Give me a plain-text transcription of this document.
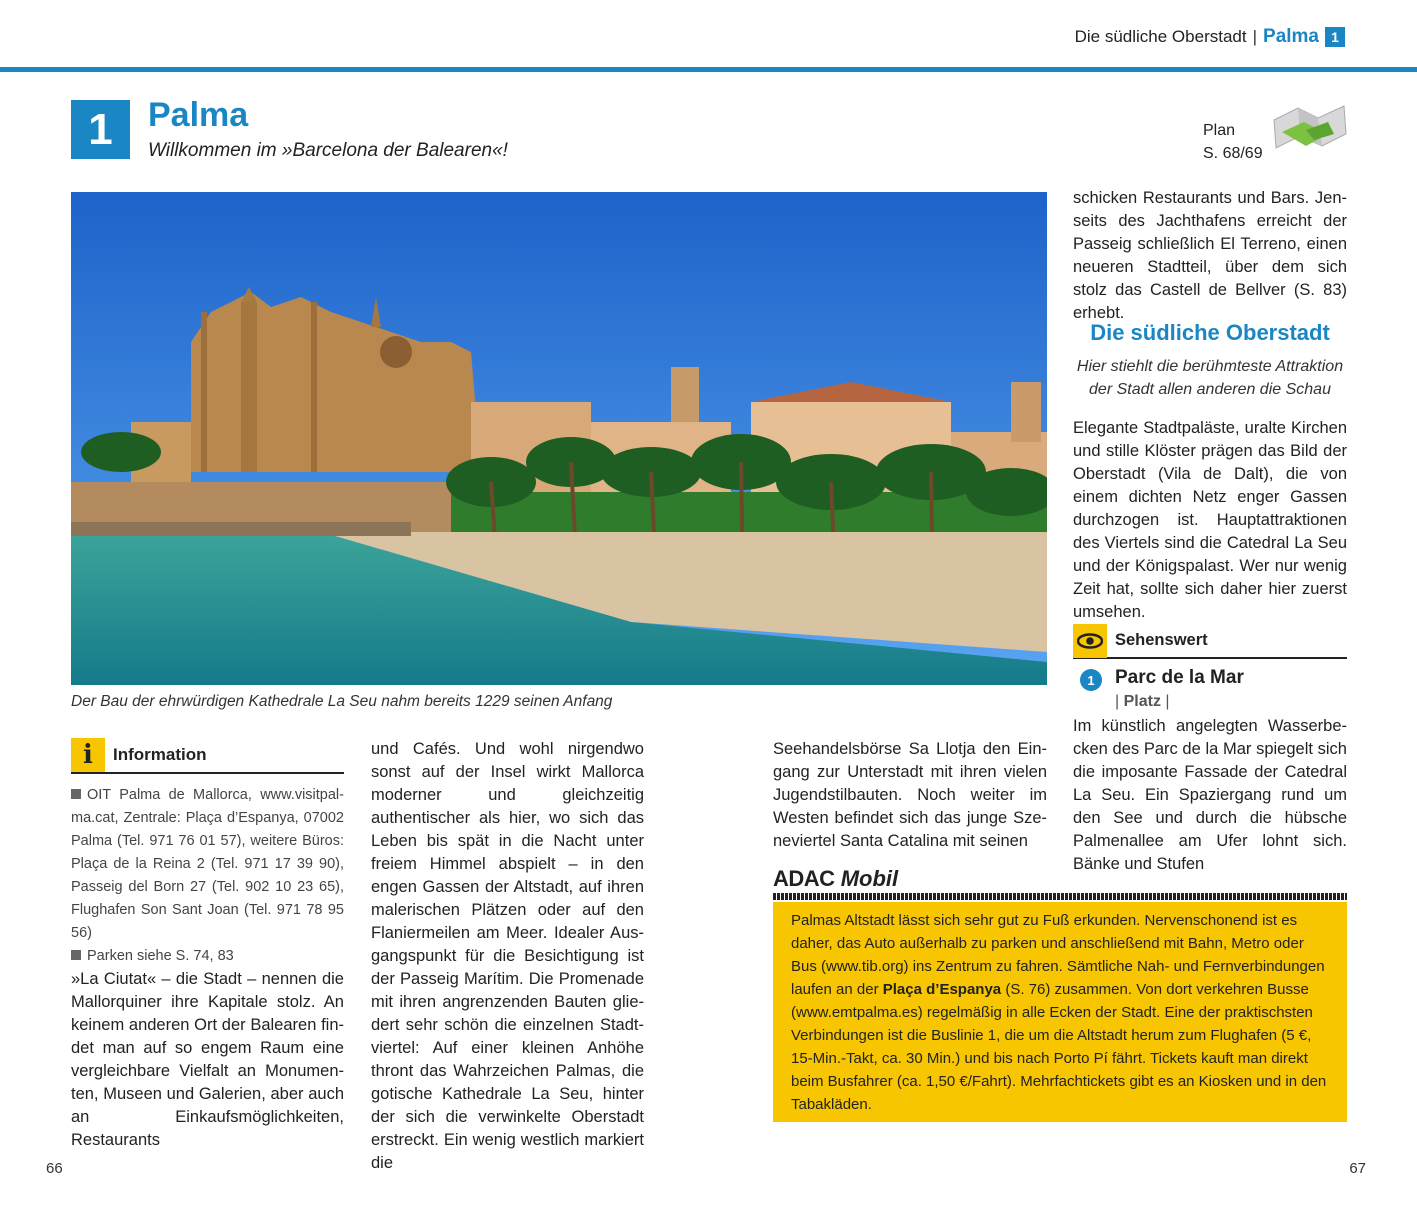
Die südliche Oberstadt | Palma 1
1	Palma
Willkommen im »Barcelona der Balearen«!
Plan
S. 68/69
Der Bau der ehrwürdigen Kathedrale La Seu nahm bereits 1229 seinen Anfang
i	Information
OIT Palma de Mallorca, www.visitpalma.cat, Zentrale: Plaça d’Espanya, 07002 Palma (Tel. 971 76 01 57), weitere Büros: Plaça de la Reina 2 (Tel. 971 17 39 90), Passeig del Born 27 (Tel. 902 10 23 65), Flughafen Son Sant Joan (Tel. 971 78 95 56)
Parken siehe S. 74, 83
»La Ciutat« – die Stadt – nennen die Mallorquiner ihre Kapitale stolz. An keinem anderen Ort der Balearen findet man auf so engem Raum eine vergleichbare Vielfalt an Monumenten, Museen und Galerien, aber auch an Einkaufsmöglichkeiten, Restaurants
und Cafés. Und wohl nirgendwo sonst auf der Insel wirkt Mallorca moderner und gleichzeitig authentischer als hier, wo sich das Leben bis spät in die Nacht unter freiem Himmel abspielt – in den engen Gassen der Altstadt, auf ihren malerischen Plätzen oder auf den Flaniermeilen am Meer. Idealer Ausgangspunkt für die Besichtigung ist der Passeig Marítim. Die Promenade mit ihren angrenzenden Bauten gliedert sehr schön die einzelnen Stadtviertel: Auf einer kleinen Anhöhe thront das Wahrzeichen Palmas, die gotische Kathedrale La Seu, hinter der sich die verwinkelte Oberstadt erstreckt. Ein wenig westlich markiert die
Seehandelsbörse Sa Llotja den Eingang zur Unterstadt mit ihren vielen Jugendstilbauten. Noch weiter im Westen befindet sich das junge Szeneviertel Santa Catalina mit seinen
schicken Restaurants und Bars. Jenseits des Jachthafens erreicht der Passeig schließlich El Terreno, einen neueren Stadtteil, über dem sich stolz das Castell de Bellver (S. 83) erhebt.
Die südliche Oberstadt
Hier stiehlt die berühmteste Attraktion der Stadt allen anderen die Schau
Elegante Stadtpaläste, uralte Kirchen und stille Klöster prägen das Bild der Oberstadt (Vila de Dalt), die von einem dichten Netz enger Gassen durchzogen ist. Hauptattraktionen des Viertels sind die Catedral La Seu und der Königspalast. Wer nur wenig Zeit hat, sollte sich daher hier zuerst umsehen.
Sehenswert
1	Parc de la Mar
| Platz |
Im künstlich angelegten Wasserbecken des Parc de la Mar spiegelt sich die imposante Fassade der Catedral La Seu. Ein Spaziergang rund um den See und durch die hübsche Palmenallee am Ufer lohnt sich. Bänke und Stufen
ADAC Mobil
Palmas Altstadt lässt sich sehr gut zu Fuß erkunden. Nervenschonend ist es daher, das Auto außerhalb zu parken und anschließend mit Bahn, Metro oder Bus (www.tib.org) ins Zentrum zu fahren. Sämtliche Nah- und Fernverbindungen laufen an der Plaça d’Espanya (S. 76) zusammen. Von dort verkehren Busse (www.emtpalma.es) regelmäßig in alle Ecken der Stadt. Eine der praktischsten Verbindungen ist die Buslinie 1, die um die Altstadt herum zum Flughafen (5 €, 15-Min.-Takt, ca. 30 Min.) und bis nach Porto Pí fährt. Tickets kauft man direkt beim Busfahrer (ca. 1,50 €/Fahrt). Mehrfachtickets gibt es an Kiosken und in den Tabakläden.
66	67
